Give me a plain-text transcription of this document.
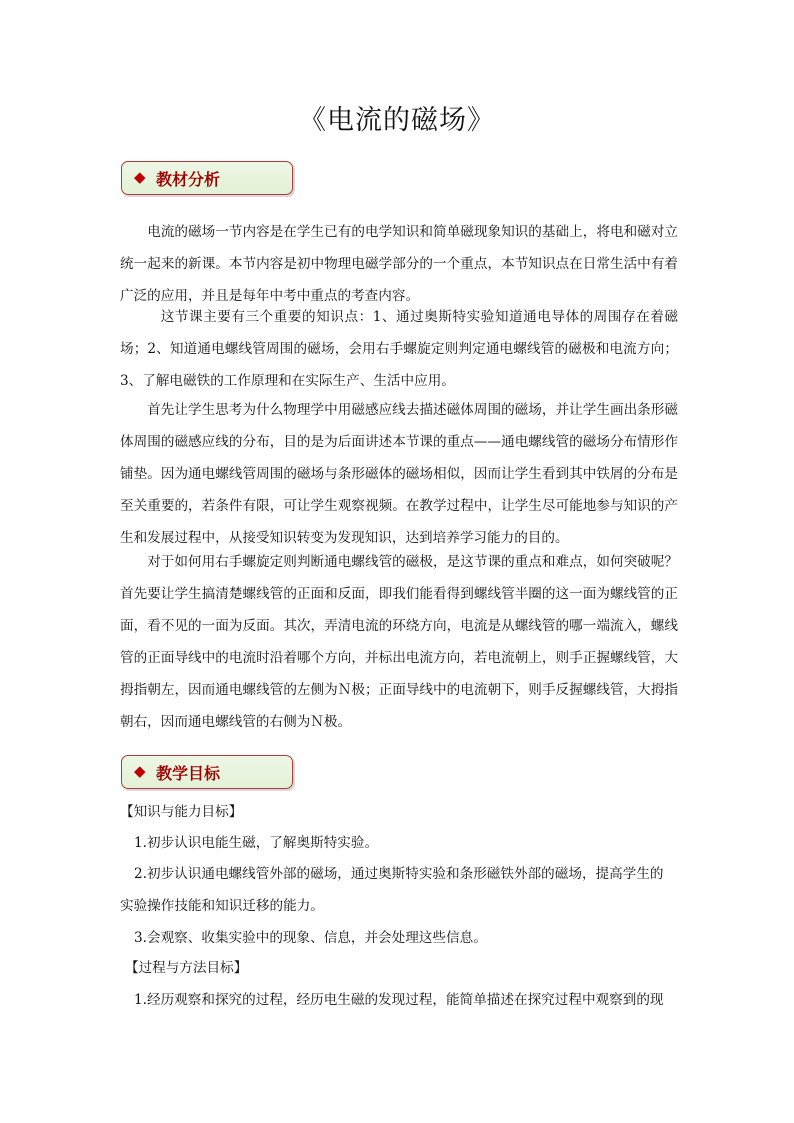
《电流的磁场》
◆ 教材分析

电流的磁场一节内容是在学生已有的电学知识和简单磁现象知识的基础上，将电和磁对立统一起来的新课。本节内容是初中物理电磁学部分的一个重点，本节知识点在日常生活中有着广泛的应用，并且是每年中考中重点的考查内容。

这节课主要有三个重要的知识点：1、通过奥斯特实验知道通电导体的周围存在着磁场；2、知道通电螺线管周围的磁场，会用右手螺旋定则判定通电螺线管的磁极和电流方向；3、了解电磁铁的工作原理和在实际生产、生活中应用。

首先让学生思考为什么物理学中用磁感应线去描述磁体周围的磁场，并让学生画出条形磁体周围的磁感应线的分布，目的是为后面讲述本节课的重点——通电螺线管的磁场分布情形作铺垫。因为通电螺线管周围的磁场与条形磁体的磁场相似，因而让学生看到其中铁屑的分布是至关重要的，若条件有限，可让学生观察视频。在教学过程中，让学生尽可能地参与知识的产生和发展过程中，从接受知识转变为发现知识，达到培养学习能力的目的。

对于如何用右手螺旋定则判断通电螺线管的磁极，是这节课的重点和难点，如何突破呢？首先要让学生搞清楚螺线管的正面和反面，即我们能看得到螺线管半圈的这一面为螺线管的正面，看不见的一面为反面。其次，弄清电流的环绕方向，电流是从螺线管的哪一端流入，螺线管的正面导线中的电流时沿着哪个方向，并标出电流方向，若电流朝上，则手正握螺线管，大拇指朝左，因而通电螺线管的左侧为Ｎ极；正面导线中的电流朝下，则手反握螺线管，大拇指朝右，因而通电螺线管的右侧为Ｎ极。

◆ 教学目标
【知识与能力目标】
1.初步认识电能生磁，了解奥斯特实验。
2.初步认识通电螺线管外部的磁场，通过奥斯特实验和条形磁铁外部的磁场，提高学生的
实验操作技能和知识迁移的能力。
3.会观察、收集实验中的现象、信息，并会处理这些信息。
【过程与方法目标】
1.经历观察和探究的过程，经历电生磁的发现过程，能简单描述在探究过程中观察到的现
